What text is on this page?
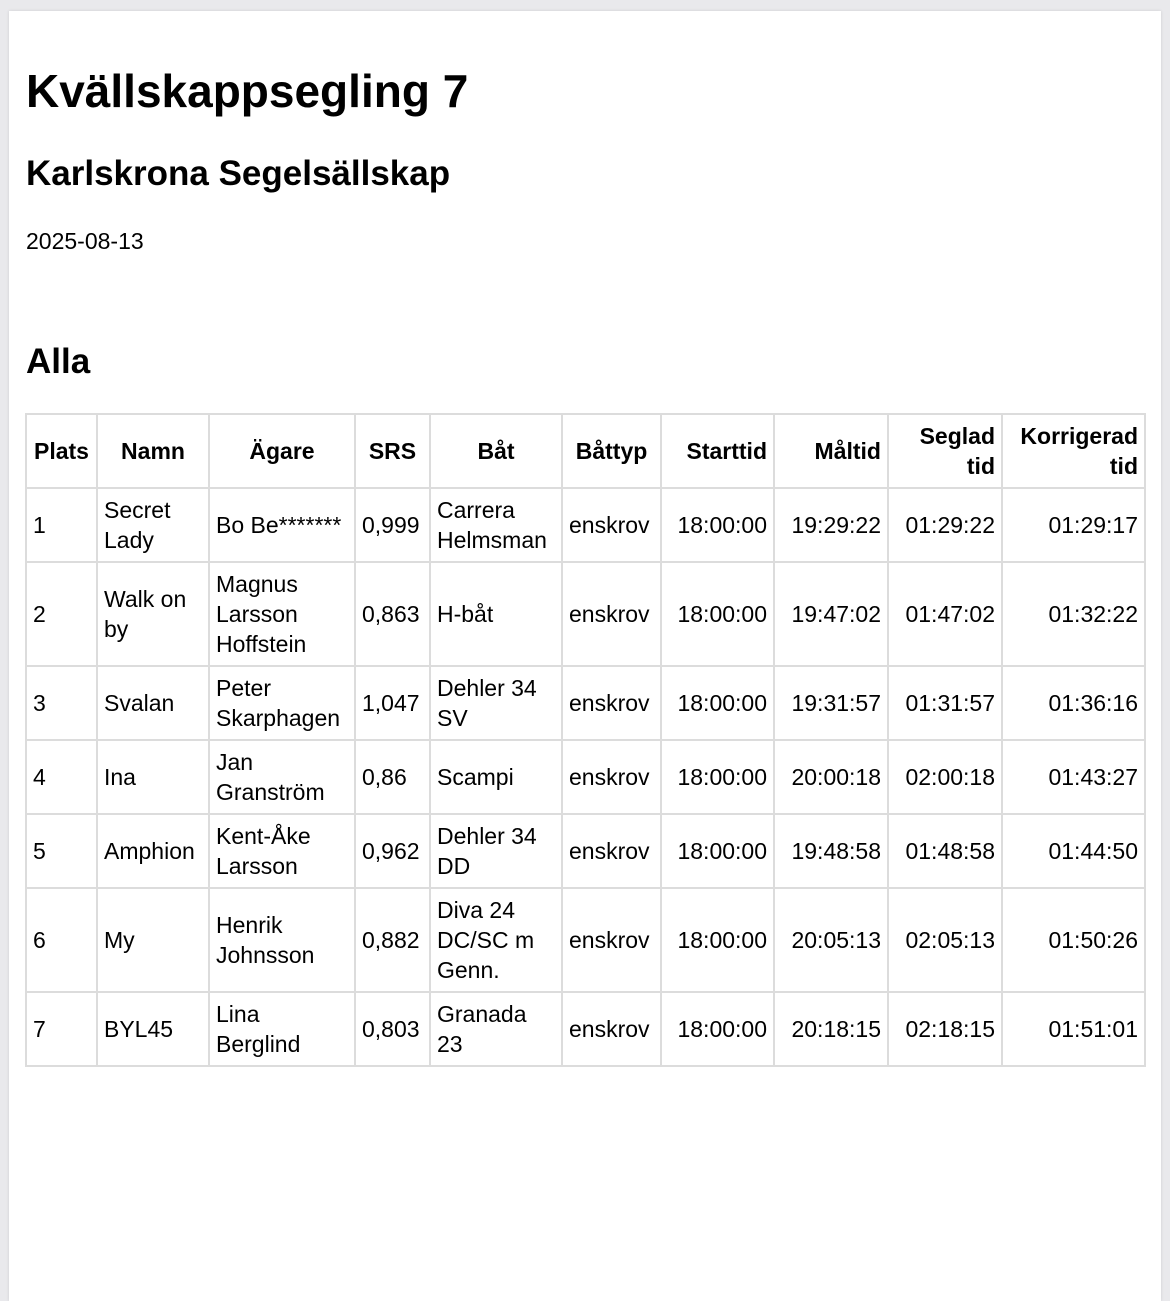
Kvällskappsegling 7
Karlskrona Segelsällskap

2025-08-13

Alla
Plats	Namn	Ägare	SRS	Båt	Båttyp	Starttid	Måltid	Seglad tid	Korrigerad tid
1	Secret Lady	Bo Be*******	0,999	Carrera Helmsman	enskrov	18:00:00	19:29:22	01:29:22	01:29:17
2	Walk on by	Magnus Larsson Hoffstein	0,863	H-båt	enskrov	18:00:00	19:47:02	01:47:02	01:32:22
3	Svalan	Peter Skarphagen	1,047	Dehler 34 SV	enskrov	18:00:00	19:31:57	01:31:57	01:36:16
4	Ina	Jan Granström	0,86	Scampi	enskrov	18:00:00	20:00:18	02:00:18	01:43:27
5	Amphion	Kent-Åke Larsson	0,962	Dehler 34 DD	enskrov	18:00:00	19:48:58	01:48:58	01:44:50
6	My	Henrik Johnsson	0,882	Diva 24 DC/SC m Genn.	enskrov	18:00:00	20:05:13	02:05:13	01:50:26
7	BYL45	Lina Berglind	0,803	Granada 23	enskrov	18:00:00	20:18:15	02:18:15	01:51:01
